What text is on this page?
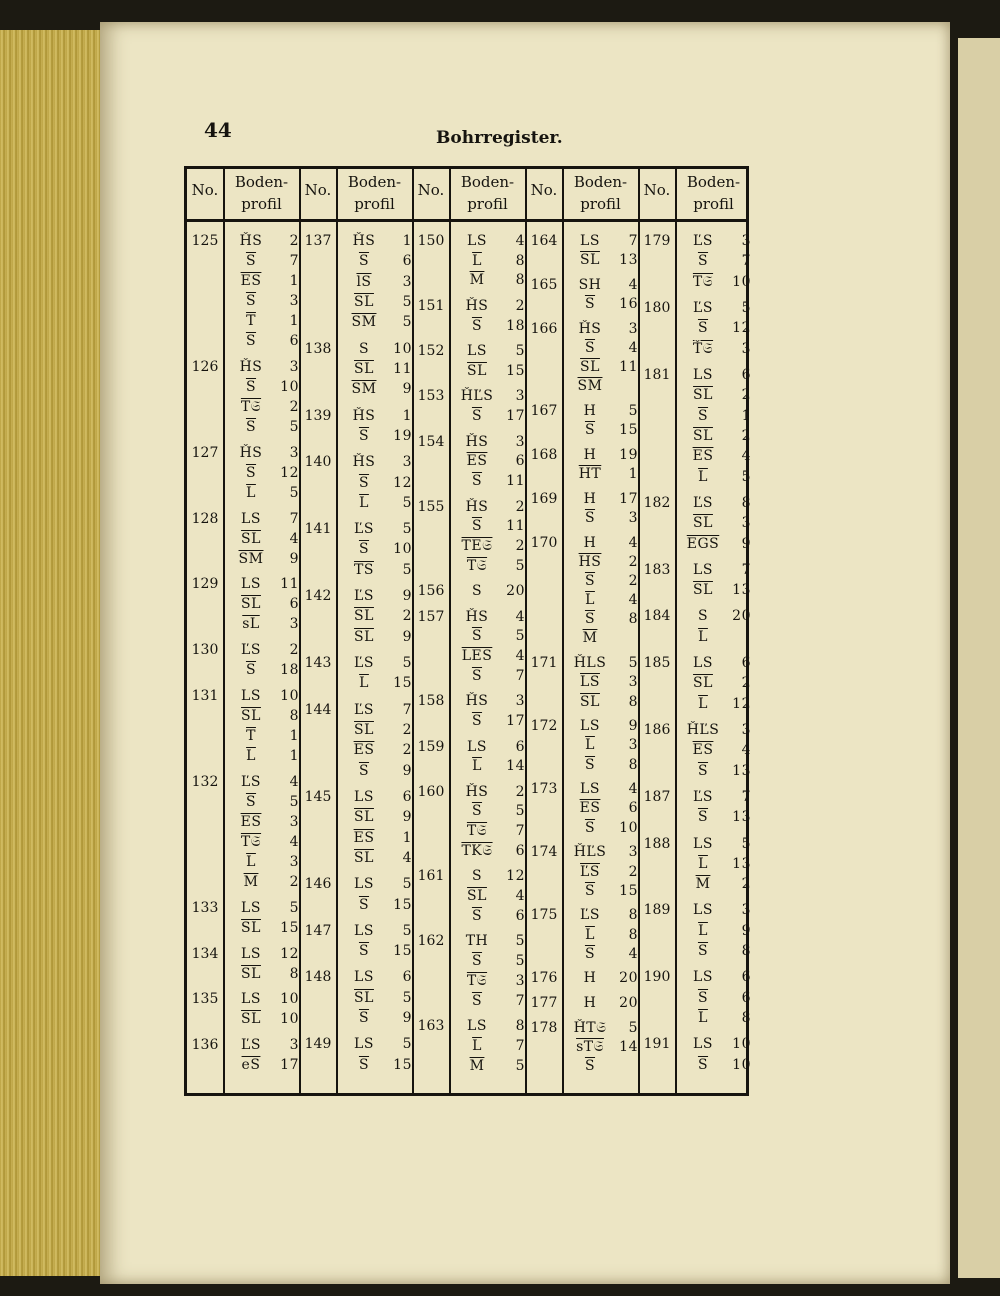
44	Bohrregister.
No.	Boden-
profil
125	ȞS 2
$\overline{S}$ 7
$\overline{ES}$ 1
$\overline{S}$ 3
$\overline{T}$ 1
$\overline{S}$ 6
126	ȞS 3
$\overline{S}$ 10
T𝔖 2
$\overline{S}$ 5
127	ȞS 3
$\overline{S}$ 12
$\overline{L}$ 5
128	LS 7
$\overline{SL}$ 4
$\overline{SM}$ 9
129	LS 11
$\overline{SL}$ 6
$\overline{sL}$ 3
130	ĽS 2
$\overline{S}$ 18
131	LS 10
$\overline{SL}$ 8
$\overline{T}$ 1
$\overline{L}$ 1
132	ĽS 4
$\overline{S}$ 5
$\overline{ES}$ 3
T𝔖 4
$\overline{L}$ 3
$\overline{M}$ 2
133	LS 5
$\overline{SL}$ 15
134	LS 12
$\overline{SL}$ 8
135	LS 10
$\overline{SL}$ 10
136	ĽS 3
$\overline{eS}$ 17
No.	Boden-
profil
137	ȞS 1
$\overline{S}$ 6
$\overline{lS}$ 3
$\overline{SL}$ 5
$\overline{SM}$ 5
138	S 10
$\overline{SL}$ 11
$\overline{SM}$ 9
139	ȞS 1
$\overline{S}$ 19
140	ȞS 3
$\overline{S}$ 12
$\overline{L}$ 5
141	ĽS 5
$\overline{S}$ 10
$\overline{TS}$ 5
142	ĽS 9
$\overline{SL}$ 2
$\overline{SL}$ 9
143	ĽS 5
$\overline{L}$ 15
144	ĽS 7
$\overline{SL}$ 2
$\overline{ES}$ 2
$\overline{S}$ 9
145	LS 6
$\overline{SL}$ 9
$\overline{ES}$ 1
$\overline{SL}$ 4
146	LS 5
$\overline{S}$ 15
147	LS 5
$\overline{S}$ 15
148	LS 6
$\overline{SL}$ 5
$\overline{S}$ 9
149	LS 5
$\overline{S}$ 15
No.	Boden-
profil
150	LS 4
$\overline{L}$ 8
$\overline{M}$ 8
151	ȞS 2
$\overline{S}$ 18
152	LS 5
$\overline{SL}$ 15
153	ȞĽS 3
$\overline{S}$ 17
154	ȞS 3
$\overline{ES}$ 6
$\overline{S}$ 11
155	ȞS 2
$\overline{S}$ 11
TE𝔖 2
T𝔖 5
156	S 20
157	ȞS 4
$\overline{S}$ 5
$\overline{LES}$ 4
$\overline{S}$ 7
158	ȞS 3
$\overline{S}$ 17
159	LS 6
$\overline{L}$ 14
160	ȞS 2
$\overline{S}$ 5
T𝔖 7
TK𝔖 6
161	S 12
$\overline{SL}$ 4
$\overline{S}$ 6
162	TH 5
$\overline{S}$ 5
T𝔖 3
$\overline{S}$ 7
163	LS 8
$\overline{L}$ 7
$\overline{M}$ 5
No.	Boden-
profil
164	LS 7
$\overline{SL}$ 13
165	SH 4
$\overline{S}$ 16
166	ȞS 3
$\overline{S}$ 4
$\overline{SL}$ 11
$\overline{SM}$
167	H 5
$\overline{S}$ 15
168	H 19
$\overline{HT}$ 1
169	H 17
$\overline{S}$ 3
170	H 4
$\overline{HS}$ 2
$\overline{S}$ 2
$\overline{L}$ 4
$\overline{S}$ 8
$\overline{M}$
171	ȞLS 5
$\overline{LS}$ 3
$\overline{SL}$ 8
172	LS 9
$\overline{L}$ 3
$\overline{S}$ 8
173	LS 4
$\overline{ES}$ 6
$\overline{S}$ 10
174	ȞĽS 3
$\overline{ĽS}$ 2
$\overline{S}$ 15
175	ĽS 8
$\overline{L}$ 8
$\overline{S}$ 4
176	H 20
177	H 20
178	ȞT𝔖 5
sT𝔖 14
$\overline{S}$
No.	Boden-
profil
179	ĽS 3
$\overline{S}$ 7
T𝔖 10
180	ĽS 5
$\overline{S}$ 12
Ť𝔖 3
181	LS 6
$\overline{SL}$ 2
$\overline{S}$ 1
$\overline{SL}$ 2
$\overline{ES}$ 4
$\overline{L}$ 5
182	ĽS 8
$\overline{SL}$ 3
$\overline{EGS}$ 9
183	LS 7
$\overline{SL}$ 13
184	S 20
$\overline{L}$
185	LS 6
$\overline{SL}$ 2
$\overline{L}$ 12
186	ȞĽS 3
$\overline{ES}$ 4
$\overline{S}$ 13
187	ĽS 7
$\overline{S}$ 13
188	LS 5
$\overline{L}$ 13
$\overline{M}$ 2
189	LS 3
$\overline{L}$ 9
$\overline{S}$ 8
190	LS 6
$\overline{S}$ 6
$\overline{L}$ 8
191	LS 10
$\overline{S}$ 10
